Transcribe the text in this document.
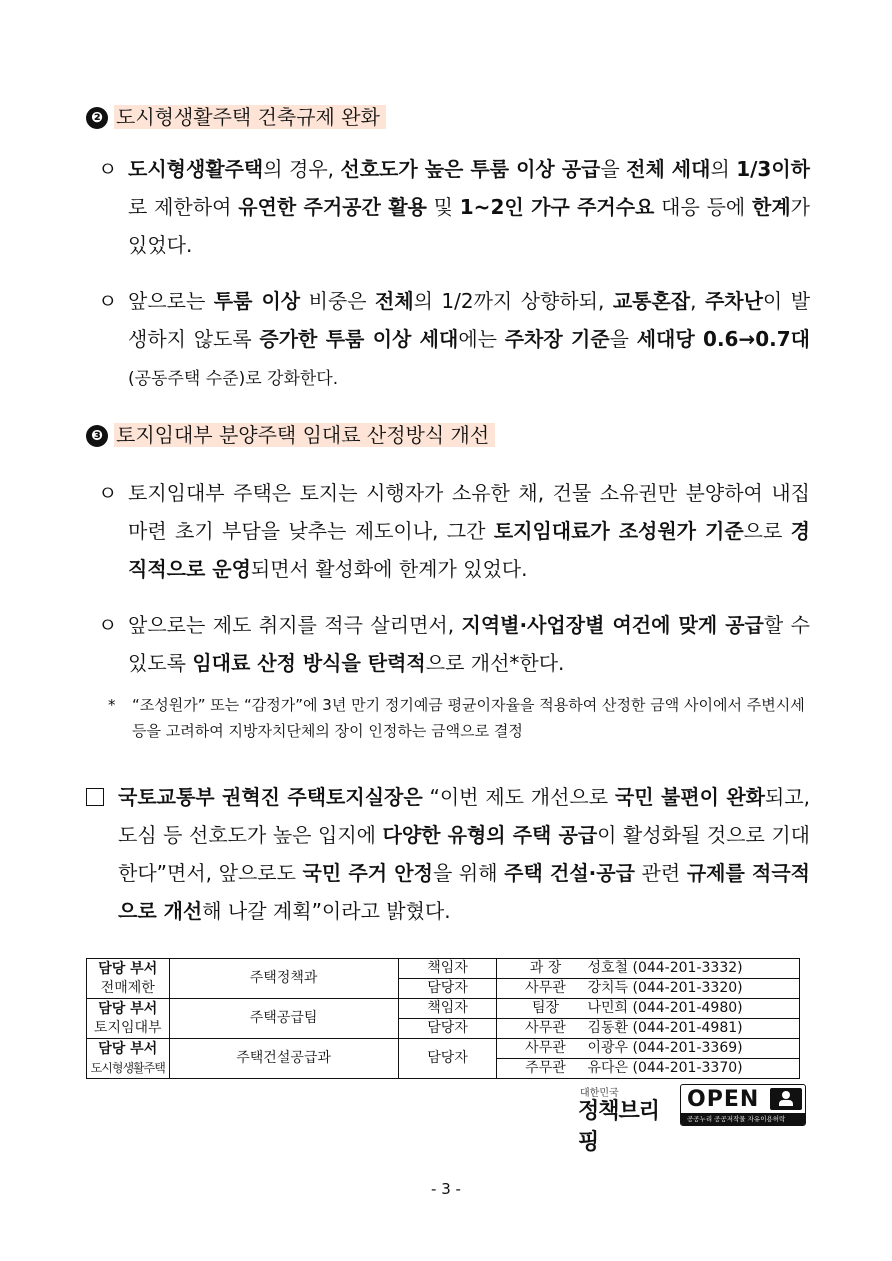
❷ 도시형생활주택 건축규제 완화
ㅇ 도시형생활주택의 경우, 선호도가 높은 투룸 이상 공급을 전체 세대의 1/3이하로 제한하여 유연한 주거공간 활용 및 1~2인 가구 주거수요 대응 등에 한계가 있었다.

ㅇ 앞으로는 투룸 이상 비중은 전체의 1/2까지 상향하되, 교통혼잡, 주차난이 발생하지 않도록 증가한 투룸 이상 세대에는 주차장 기준을 세대당 0.6→0.7대(공동주택 수준)로 강화한다.

❸ 토지임대부 분양주택 임대료 산정방식 개선
ㅇ 토지임대부 주택은 토지는 시행자가 소유한 채, 건물 소유권만 분양하여 내집 마련 초기 부담을 낮추는 제도이나, 그간 토지임대료가 조성원가 기준으로 경직적으로 운영되면서 활성화에 한계가 있었다.

ㅇ 앞으로는 제도 취지를 적극 살리면서, 지역별·사업장별 여건에 맞게 공급할 수 있도록 임대료 산정 방식을 탄력적으로 개선*한다.

* “조성원가” 또는 “감정가”에 3년 만기 정기예금 평균이자율을 적용하여 산정한 금액 사이에서 주변시세 등을 고려하여 지방자치단체의 장이 인정하는 금액으로 결정

국토교통부 권혁진 주택토지실장은 “이번 제도 개선으로 국민 불편이 완화되고, 도심 등 선호도가 높은 입지에 다양한 유형의 주택 공급이 활성화될 것으로 기대한다”면서, 앞으로도 국민 주거 안정을 위해 주택 건설·공급 관련 규제를 적극적으로 개선해 나갈 계획”이라고 밝혔다.

담당 부서
전매제한	주택정책과	책임자	과 장 성호철 (044-201-3332)
		담당자	사무관 강치득 (044-201-3320)

담당 부서
토지임대부	주택공급팀	책임자	팀장 나민희 (044-201-4980)
		담당자	사무관 김동환 (044-201-4981)

담당 부서
도시형생활주택	주택건설공급과	담당자	사무관 이광우 (044-201-3369)
			주무관 유다은 (044-201-3370)
대한민국
정책브리핑
OPEN
공공누리 공공저작물 자유이용허락
- 3 -
